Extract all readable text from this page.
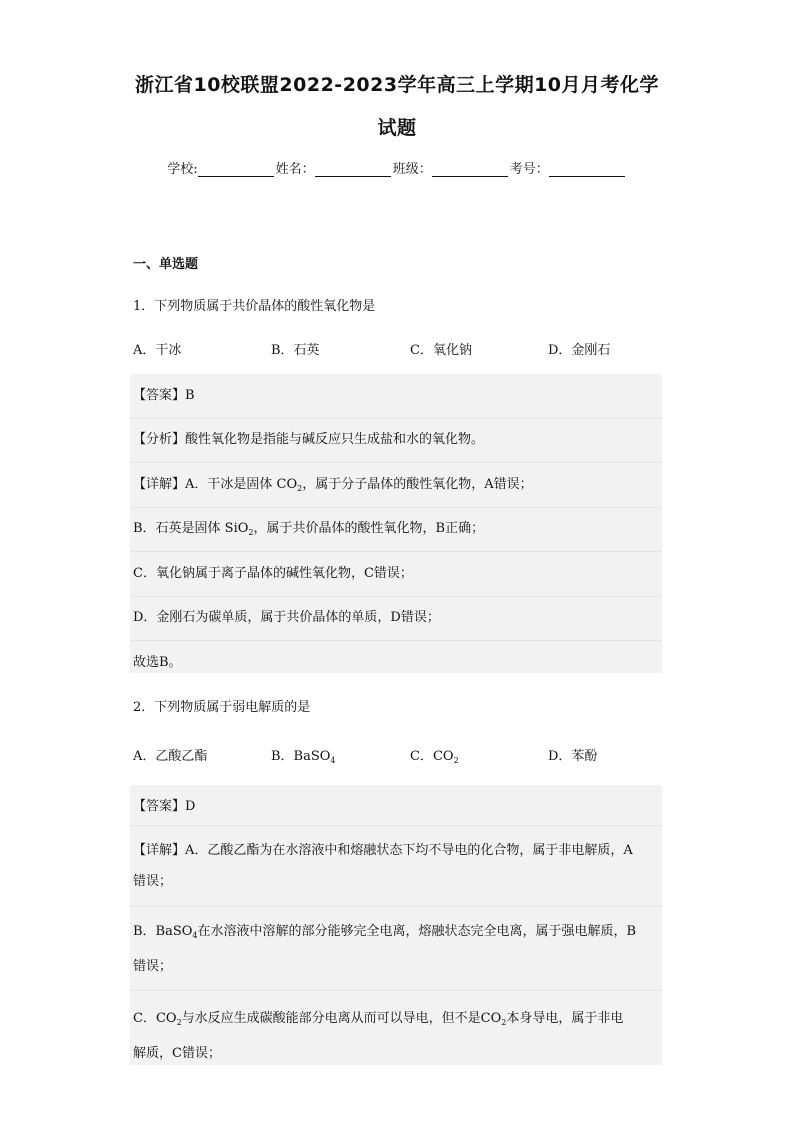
浙江省10校联盟2022-2023学年高三上学期10月月考化学
试题
学校:	姓名：	班级：	考号：
一、单选题
1．下列物质属于共价晶体的酸性氧化物是
A．干冰	B．石英	C．氧化钠	D．金刚石
【答案】B
【分析】酸性氧化物是指能与碱反应只生成盐和水的氧化物。
【详解】A．干冰是固体 $CO_2$，属于分子晶体的酸性氧化物，A错误；
B．石英是固体 SiO$_2$，属于共价晶体的酸性氧化物，B正确；
C．氧化钠属于离子晶体的碱性氧化物，C错误；
D．金刚石为碳单质，属于共价晶体的单质，D错误；
故选B。
2．下列物质属于弱电解质的是
A．乙酸乙酯	B．BaSO$_4$	C．$CO_2$	D．苯酚
【答案】D
【详解】A．乙酸乙酯为在水溶液中和熔融状态下均不导电的化合物，属于非电解质，A
错误；
B．BaSO$_4$在水溶液中溶解的部分能够完全电离，熔融状态完全电离，属于强电解质，B
错误；
C．$CO_2$与水反应生成碳酸能部分电离从而可以导电，但不是$CO_2$本身导电，属于非电
解质，C错误；
